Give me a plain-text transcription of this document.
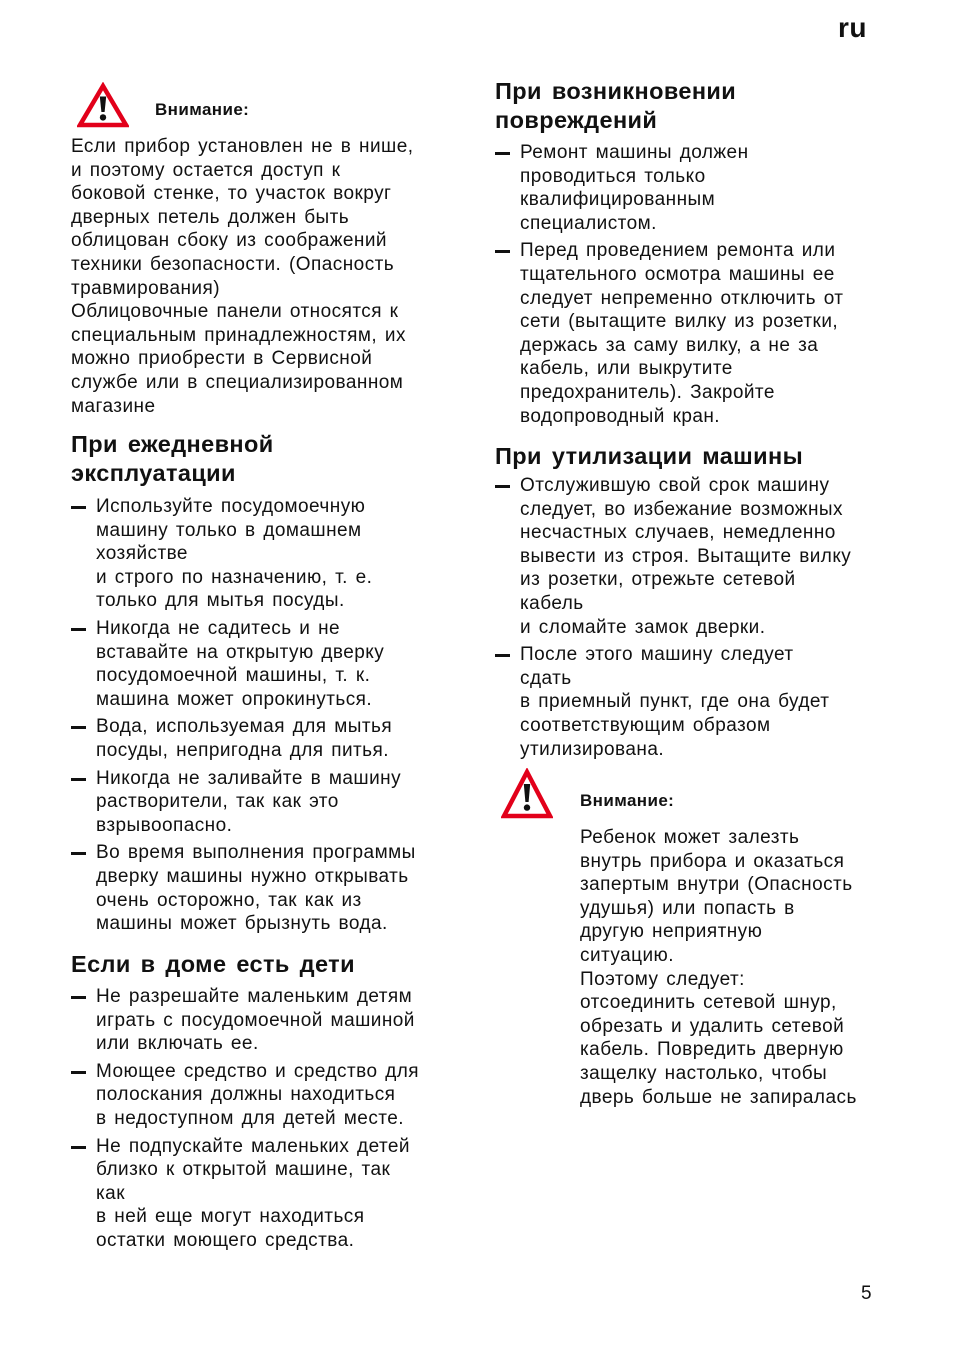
ru

Внимание:

Если прибор установлен не в нише,

и поэтому остается доступ к

боковой стенке, то участок вокруг

дверных петель должен быть

облицован сбоку из соображений

техники безопасности. (Опасность

травмирования)

Облицовочные панели относятся к

специальным принадлежностям, их

можно приобрести в Сервисной

службе или в специализированном

магазине

При ежедневной

эксплуатации

Используйте посудомоечную

машину только в домашнем

хозяйстве

и строго по назначению, т. е.

только для мытья посуды.

Никогда не садитесь и не

вставайте на открытую дверку

посудомоечной машины, т. к.

машина может опрокинуться.

Вода, используемая для мытья

посуды, непригодна для питья.

Никогда не заливайте в машину

растворители, так как это

взрывоопасно.

Во время выполнения программы

дверку машины нужно открывать

очень осторожно, так как из

машины может брызнуть вода.

Если в доме есть дети

Не разрешайте маленьким детям

играть с посудомоечной машиной

или включать ее.

Моющее средство и средство для

полоскания должны находиться

в недоступном для детей месте.

Не подпускайте маленьких детей

близко к открытой машине, так

как

в ней еще могут находиться

остатки моющего средства.

При возникновении

повреждений

Ремонт машины должен

проводиться только

квалифицированным

специалистом.

Перед проведением ремонта или

тщательного осмотра машины ее

следует непременно отключить от

сети (вытащите вилку из розетки,

держась за саму вилку, а не за

кабель, или выкрутите

предохранитель). Закройте

водопроводный кран.

При утилизации машины

Отслужившую свой срок машину

следует, во избежание возможных

несчастных случаев, немедленно

вывести из строя. Вытащите вилку

из розетки, отрежьте сетевой

кабель

и сломайте замок дверки.

После этого машину следует

сдать

в приемный пункт, где она будет

соответствующим образом

утилизирована.

Внимание:

Ребенок может залезть

внутрь прибора и оказаться

запертым внутри (Опасность

удушья) или попасть в

другую неприятную

ситуацию.

Поэтому следует:

отсоединить сетевой шнур,

обрезать и удалить сетевой

кабель. Повредить дверную

защелку настолько, чтобы

дверь больше не запиралась

5
